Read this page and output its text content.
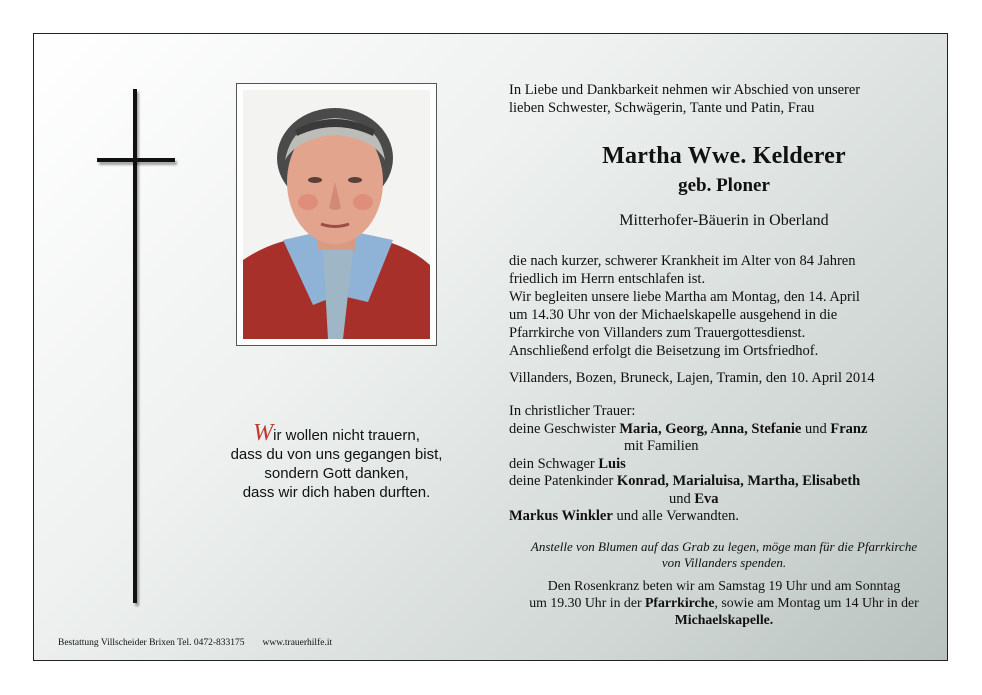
Wir wollen nicht trauern,
dass du von uns gegangen bist,
sondern Gott danken,
dass wir dich haben durften.
In Liebe und Dankbarkeit nehmen wir Abschied von unserer
lieben Schwester, Schwägerin, Tante und Patin, Frau
Martha Wwe. Kelderer
geb. Ploner
Mitterhofer-Bäuerin in Oberland
die nach kurzer, schwerer Krankheit im Alter von 84 Jahren
friedlich im Herrn entschlafen ist.
Wir begleiten unsere liebe Martha am Montag, den 14. April
um 14.30 Uhr von der Michaelskapelle ausgehend in die
Pfarrkirche von Villanders zum Trauergottesdienst.
Anschließend erfolgt die Beisetzung im Ortsfriedhof.
Villanders, Bozen, Bruneck, Lajen, Tramin, den 10. April 2014
In christlicher Trauer:
deine Geschwister Maria, Georg, Anna, Stefanie und Franz
mit Familien
dein Schwager Luis
deine Patenkinder Konrad, Marialuisa, Martha, Elisabeth
und Eva
Markus Winkler und alle Verwandten.
Anstelle von Blumen auf das Grab zu legen, möge man für die Pfarrkirche
von Villanders spenden.
Den Rosenkranz beten wir am Samstag 19 Uhr und am Sonntag
um 19.30 Uhr in der Pfarrkirche, sowie am Montag um 14 Uhr in der
Michaelskapelle.
Bestattung Villscheider Brixen Tel. 0472-833175 www.trauerhilfe.it
